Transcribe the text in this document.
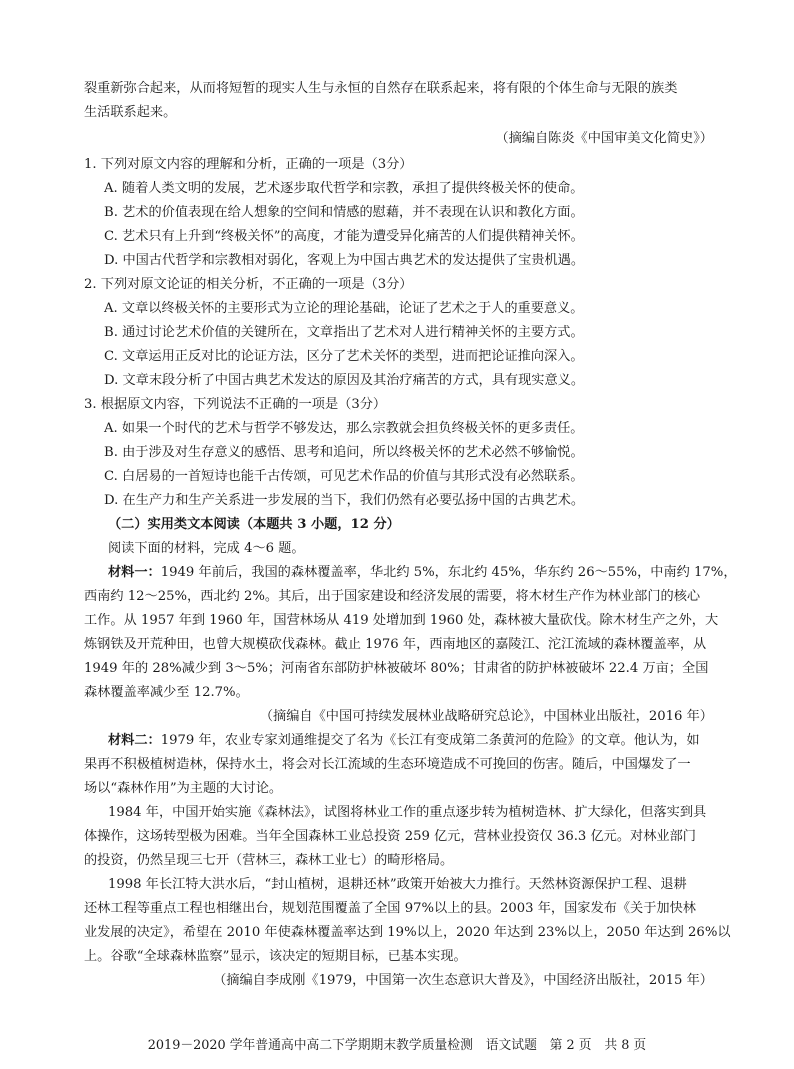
裂重新弥合起来，从而将短暂的现实人生与永恒的自然存在联系起来，将有限的个体生命与无限的族类
生活联系起来。
（摘编自陈炎《中国审美文化简史》）
1. 下列对原文内容的理解和分析，正确的一项是（3分）
A. 随着人类文明的发展，艺术逐步取代哲学和宗教，承担了提供终极关怀的使命。
B. 艺术的价值表现在给人想象的空间和情感的慰藉，并不表现在认识和教化方面。
C. 艺术只有上升到“终极关怀”的高度，才能为遭受异化痛苦的人们提供精神关怀。
D. 中国古代哲学和宗教相对弱化，客观上为中国古典艺术的发达提供了宝贵机遇。
2. 下列对原文论证的相关分析，不正确的一项是（3分）
A. 文章以终极关怀的主要形式为立论的理论基础，论证了艺术之于人的重要意义。
B. 通过讨论艺术价值的关键所在，文章指出了艺术对人进行精神关怀的主要方式。
C. 文章运用正反对比的论证方法，区分了艺术关怀的类型，进而把论证推向深入。
D. 文章末段分析了中国古典艺术发达的原因及其治疗痛苦的方式，具有现实意义。
3. 根据原文内容，下列说法不正确的一项是（3分）
A. 如果一个时代的艺术与哲学不够发达，那么宗教就会担负终极关怀的更多责任。
B. 由于涉及对生存意义的感悟、思考和追问，所以终极关怀的艺术必然不够愉悦。
C. 白居易的一首短诗也能千古传颂，可见艺术作品的价值与其形式没有必然联系。
D. 在生产力和生产关系进一步发展的当下，我们仍然有必要弘扬中国的古典艺术。
（二）实用类文本阅读（本题共 3 小题，12 分）
阅读下面的材料，完成 4～6 题。
材料一：1949 年前后，我国的森林覆盖率，华北约 5%，东北约 45%，华东约 26～55%，中南约 17%，
西南约 12～25%，西北约 2%。其后，出于国家建设和经济发展的需要，将木材生产作为林业部门的核心
工作。从 1957 年到 1960 年，国营林场从 419 处增加到 1960 处，森林被大量砍伐。除木材生产之外，大
炼钢铁及开荒种田，也曾大规模砍伐森林。截止 1976 年，西南地区的嘉陵江、沱江流域的森林覆盖率，从
1949 年的 28%减少到 3～5%；河南省东部防护林被破坏 80%；甘肃省的防护林被破坏 22.4 万亩；全国
森林覆盖率减少至 12.7%。
（摘编自《中国可持续发展林业战略研究总论》，中国林业出版社，2016 年）
材料二：1979 年，农业专家刘通维提交了名为《长江有变成第二条黄河的危险》的文章。他认为，如
果再不积极植树造林，保持水土，将会对长江流域的生态环境造成不可挽回的伤害。随后，中国爆发了一
场以“森林作用”为主题的大讨论。
1984 年，中国开始实施《森林法》，试图将林业工作的重点逐步转为植树造林、扩大绿化，但落实到具
体操作，这场转型极为困难。当年全国森林工业总投资 259 亿元，营林业投资仅 36.3 亿元。对林业部门
的投资，仍然呈现三七开（营林三，森林工业七）的畸形格局。
1998 年长江特大洪水后，“封山植树，退耕还林”政策开始被大力推行。天然林资源保护工程、退耕
还林工程等重点工程也相继出台，规划范围覆盖了全国 97%以上的县。2003 年，国家发布《关于加快林
业发展的决定》，希望在 2010 年使森林覆盖率达到 19%以上，2020 年达到 23%以上，2050 年达到 26%以
上。谷歌“全球森林监察”显示，该决定的短期目标，已基本实现。
（摘编自李成刚《1979，中国第一次生态意识大普及》，中国经济出版社，2015 年）
2019－2020 学年普通高中高二下学期期末教学质量检测　语文试题　第 2 页　共 8 页
